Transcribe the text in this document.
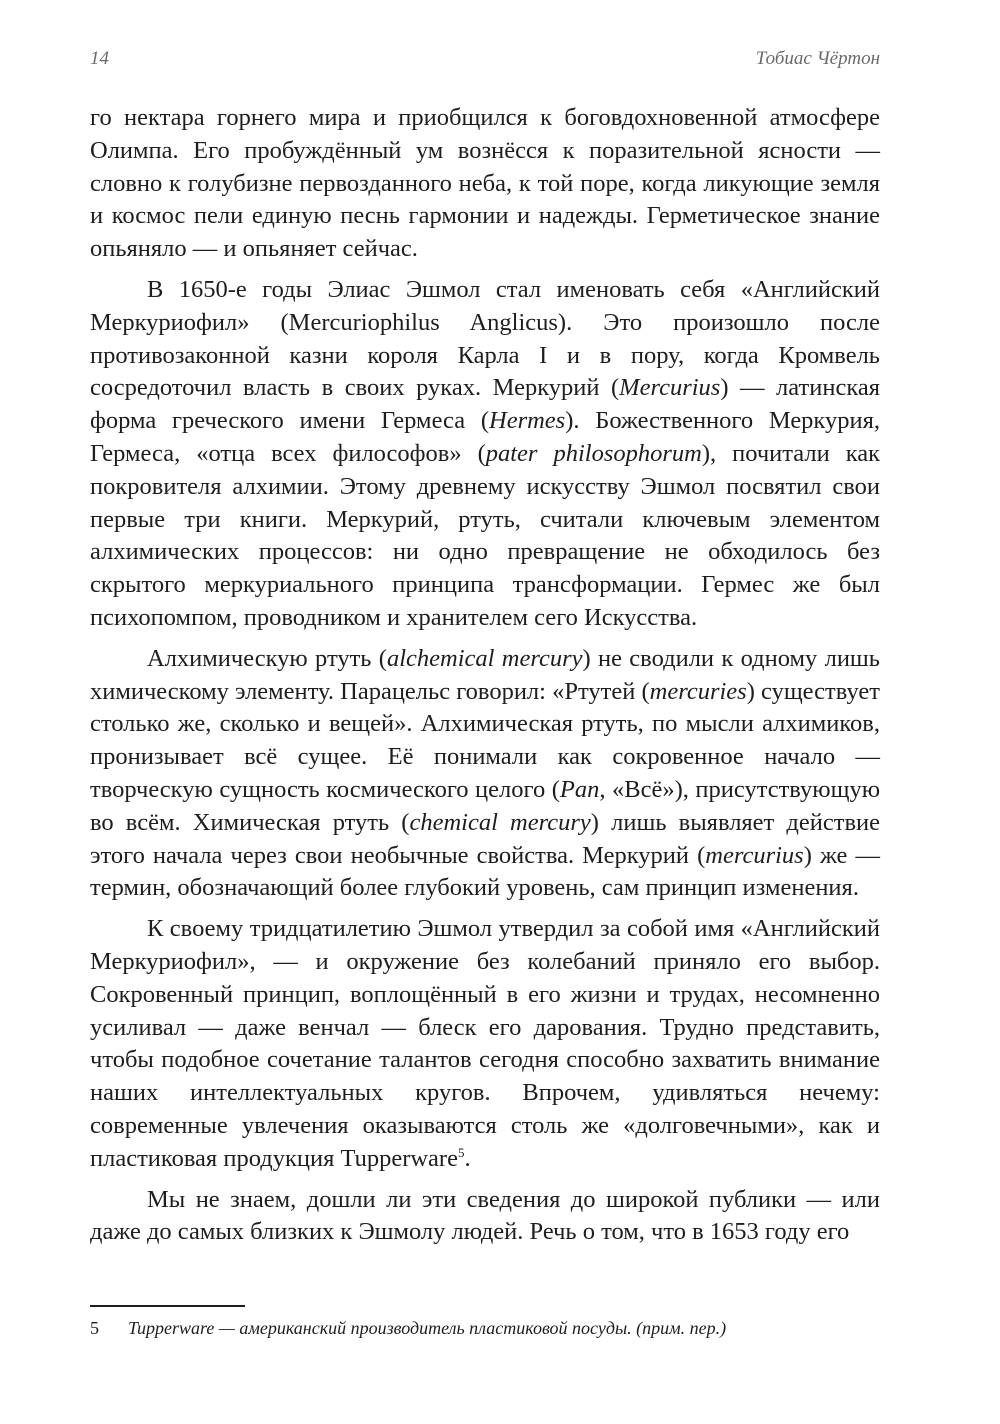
14	Тобиас Чёртон

го нектара горнего мира и приобщился к боговдохновенной атмосфере Олимпа. Его пробуждённый ум вознёсся к поразительной ясности — словно к голубизне первозданного неба, к той поре, когда ликующие земля и космос пели единую песнь гармонии и надежды. Герметическое знание опьяняло — и опьяняет сейчас.

В 1650-е годы Элиас Эшмол стал именовать себя «Английский Меркуриофил» (Mercuriophilus Anglicus). Это произошло после противозаконной казни короля Карла I и в пору, когда Кромвель сосредоточил власть в своих руках. Меркурий (Mercurius) — латинская форма греческого имени Гермеса (Hermes). Божественного Меркурия, Гермеса, «отца всех философов» (pater philosophorum), почитали как покровителя алхимии. Этому древнему искусству Эшмол посвятил свои первые три книги. Меркурий, ртуть, считали ключевым элементом алхимических процессов: ни одно превращение не обходилось без скрытого меркуриального принципа трансформации. Гермес же был психопомпом, проводником и хранителем сего Искусства.

Алхимическую ртуть (alchemical mercury) не сводили к одному лишь химическому элементу. Парацельс говорил: «Ртутей (mercuries) существует столько же, сколько и вещей». Алхимическая ртуть, по мысли алхимиков, пронизывает всё сущее. Её понимали как сокровенное начало — творческую сущность космического целого (Pan, «Всё»), присутствующую во всём. Химическая ртуть (chemical mercury) лишь выявляет действие этого начала через свои необычные свойства. Меркурий (mercurius) же — термин, обозначающий более глубокий уровень, сам принцип изменения.

К своему тридцатилетию Эшмол утвердил за собой имя «Английский Меркуриофил», — и окружение без колебаний приняло его выбор. Сокровенный принцип, воплощённый в его жизни и трудах, несомненно усиливал — даже венчал — блеск его дарования. Трудно представить, чтобы подобное сочетание талантов сегодня способно захватить внимание наших интеллектуальных кругов. Впрочем, удивляться нечему: современные увлечения оказываются столь же «долговечными», как и пластиковая продукция Tupperware$^5$.

Мы не знаем, дошли ли эти сведения до широкой публики — или даже до самых близких к Эшмолу людей. Речь о том, что в 1653 году его

5 Tupperware — американский производитель пластиковой посуды. (прим. пер.)
